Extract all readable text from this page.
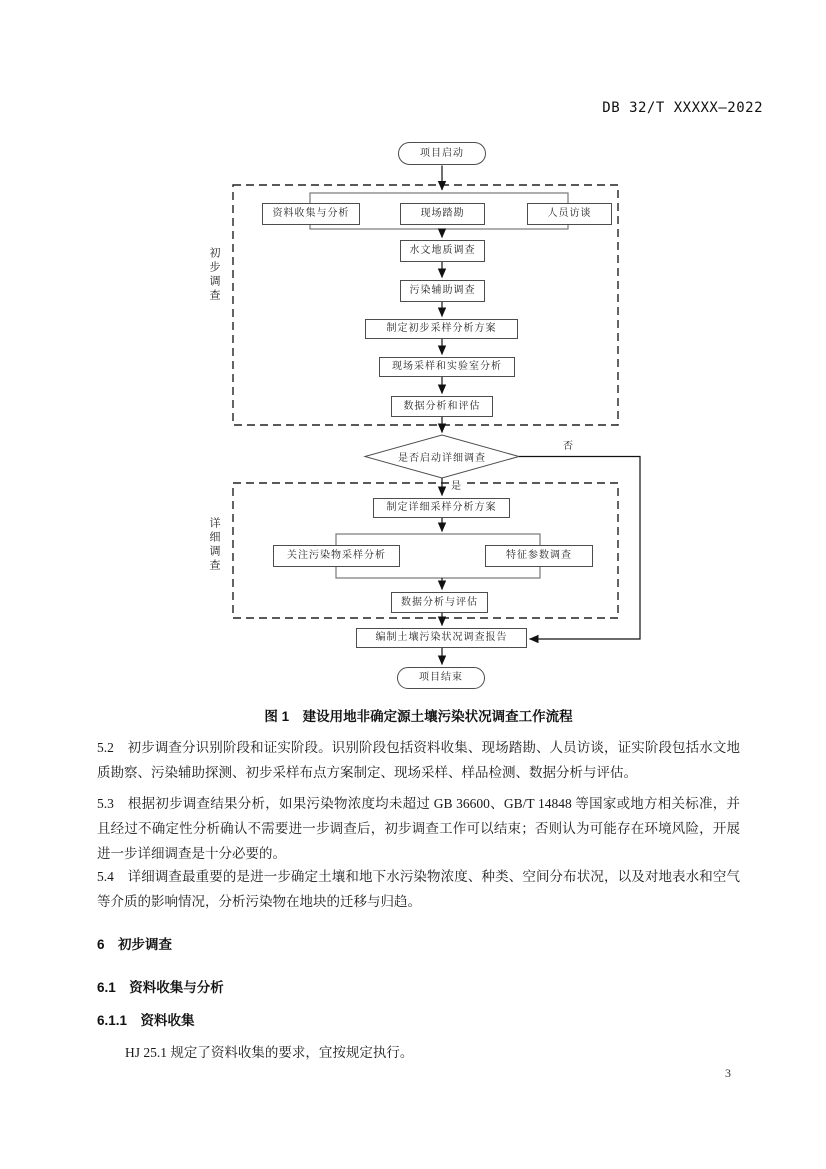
DB 32/T XXXXX—2022
项目启动
初步调查
资料收集与分析	现场踏勘	人员访谈
水文地质调查
污染辅助调查
制定初步采样分析方案
现场采样和实验室分析
数据分析和评估
是否启动详细调查
否
是
详细调查
制定详细采样分析方案
关注污染物采样分析	特征参数调查
数据分析与评估
编制土壤污染状况调查报告
项目结束
图 1　建设用地非确定源土壤污染状况调查工作流程

5.2　初步调查分识别阶段和证实阶段。识别阶段包括资料收集、现场踏勘、人员访谈，证实阶段包括水文地质勘察、污染辅助探测、初步采样布点方案制定、现场采样、样品检测、数据分析与评估。

5.3　根据初步调查结果分析，如果污染物浓度均未超过 GB 36600、GB/T 14848 等国家或地方相关标准，并且经过不确定性分析确认不需要进一步调查后，初步调查工作可以结束；否则认为可能存在环境风险，开展进一步详细调查是十分必要的。

5.4　详细调查最重要的是进一步确定土壤和地下水污染物浓度、种类、空间分布状况，以及对地表水和空气等介质的影响情况，分析污染物在地块的迁移与归趋。

6　初步调查
6.1　资料收集与分析
6.1.1　资料收集

HJ 25.1 规定了资料收集的要求，宜按规定执行。

3
